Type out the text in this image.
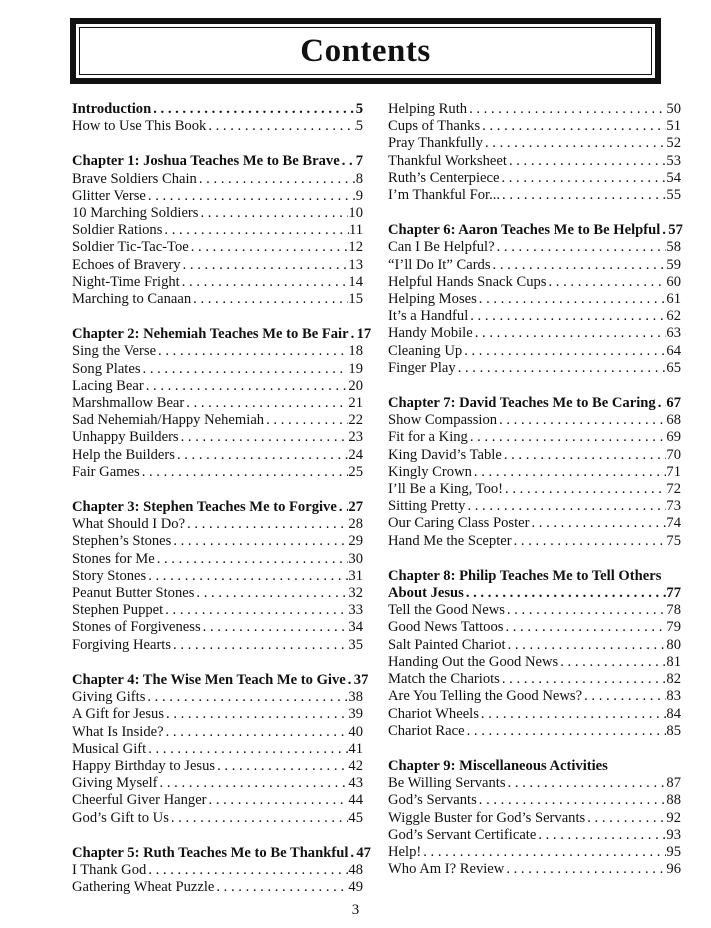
Contents
Introduction . . .	5
How to Use This Book . . .	5
Chapter 1: Joshua Teaches Me to Be Brave . . . 7
Brave Soldiers Chain . . .	8
Glitter Verse . . .	9
10 Marching Soldiers . . .	10
Soldier Rations . . .	11
Soldier Tic-Tac-Toe . . .	12
Echoes of Bravery . . .	13
Night-Time Fright . . .	14
Marching to Canaan . . .	15
Chapter 2: Nehemiah Teaches Me to Be Fair . . . 17
Sing the Verse . . .	18
Song Plates . . .	19
Lacing Bear . . .	20
Marshmallow Bear . . .	21
Sad Nehemiah/Happy Nehemiah . . .	22
Unhappy Builders . . .	23
Help the Builders . . .	24
Fair Games . . .	25
Chapter 3: Stephen Teaches Me to Forgive . . . 27
What Should I Do? . . .	28
Stephen’s Stones . . .	29
Stones for Me . . .	30
Story Stones . . .	31
Peanut Butter Stones . . .	32
Stephen Puppet . . .	33
Stones of Forgiveness . . .	34
Forgiving Hearts . . .	35
Chapter 4: The Wise Men Teach Me to Give . . . 37
Giving Gifts . . .	38
A Gift for Jesus . . .	39
What Is Inside? . . .	40
Musical Gift . . .	41
Happy Birthday to Jesus . . .	42
Giving Myself . . .	43
Cheerful Giver Hanger . . .	44
God’s Gift to Us . . .	45
Chapter 5: Ruth Teaches Me to Be Thankful . . . 47
I Thank God . . .	48
Gathering Wheat Puzzle . . .	49
Helping Ruth . . .	50
Cups of Thanks . . .	51
Pray Thankfully . . .	52
Thankful Worksheet . . .	53
Ruth’s Centerpiece . . .	54
I’m Thankful For... . . .	55
Chapter 6: Aaron Teaches Me to Be Helpful . . . 57
Can I Be Helpful? . . .	58
“I’ll Do It” Cards . . .	59
Helpful Hands Snack Cups . . .	60
Helping Moses . . .	61
It’s a Handful . . .	62
Handy Mobile . . .	63
Cleaning Up . . .	64
Finger Play . . .	65
Chapter 7: David Teaches Me to Be Caring . . . 67
Show Compassion . . .	68
Fit for a King . . .	69
King David’s Table . . .	70
Kingly Crown . . .	71
I’ll Be a King, Too! . . .	72
Sitting Pretty . . .	73
Our Caring Class Poster . . .	74
Hand Me the Scepter . . .	75
Chapter 8: Philip Teaches Me to Tell Others
About Jesus . . .	77
Tell the Good News . . .	78
Good News Tattoos . . .	79
Salt Painted Chariot . . .	80
Handing Out the Good News . . .	81
Match the Chariots . . .	82
Are You Telling the Good News? . . .	83
Chariot Wheels . . .	84
Chariot Race . . .	85
Chapter 9: Miscellaneous Activities
Be Willing Servants . . .	87
God’s Servants . . .	88
Wiggle Buster for God’s Servants . . .	92
God’s Servant Certificate . . .	93
Help! . . .	95
Who Am I? Review . . .	96
3
